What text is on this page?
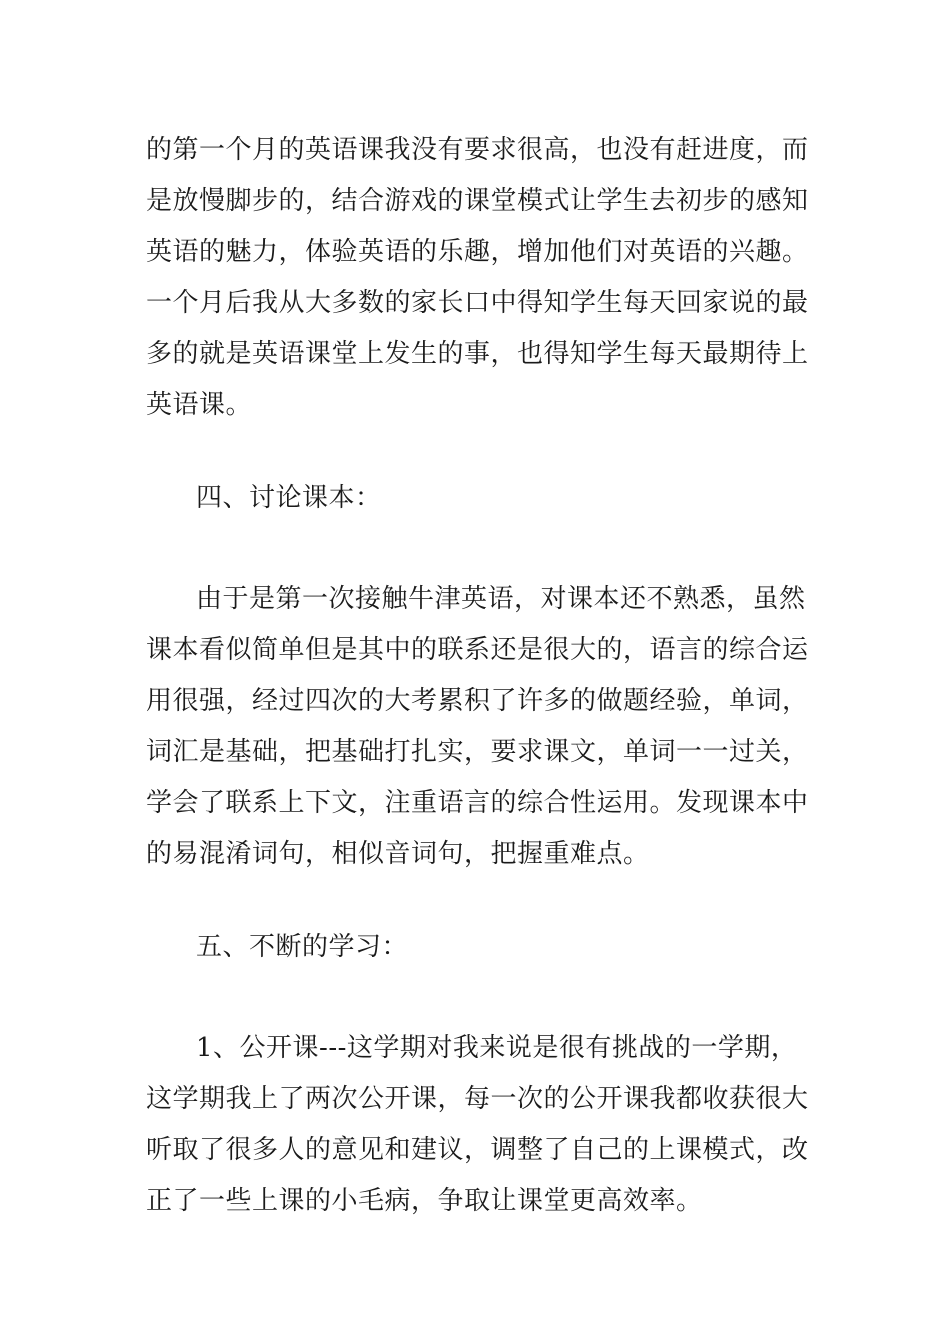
的第一个月的英语课我没有要求很高，也没有赶进度，而
是放慢脚步的，结合游戏的课堂模式让学生去初步的感知
英语的魅力，体验英语的乐趣，增加他们对英语的兴趣。
一个月后我从大多数的家长口中得知学生每天回家说的最
多的就是英语课堂上发生的事，也得知学生每天最期待上
英语课。
四、讨论课本：
由于是第一次接触牛津英语，对课本还不熟悉，虽然
课本看似简单但是其中的联系还是很大的，语言的综合运
用很强，经过四次的大考累积了许多的做题经验，单词，
词汇是基础，把基础打扎实，要求课文，单词一一过关，
学会了联系上下文，注重语言的综合性运用。发现课本中
的易混淆词句，相似音词句，把握重难点。
五、不断的学习：
1、公开课---这学期对我来说是很有挑战的一学期，
这学期我上了两次公开课，每一次的公开课我都收获很大
听取了很多人的意见和建议，调整了自己的上课模式，改
正了一些上课的小毛病，争取让课堂更高效率。
